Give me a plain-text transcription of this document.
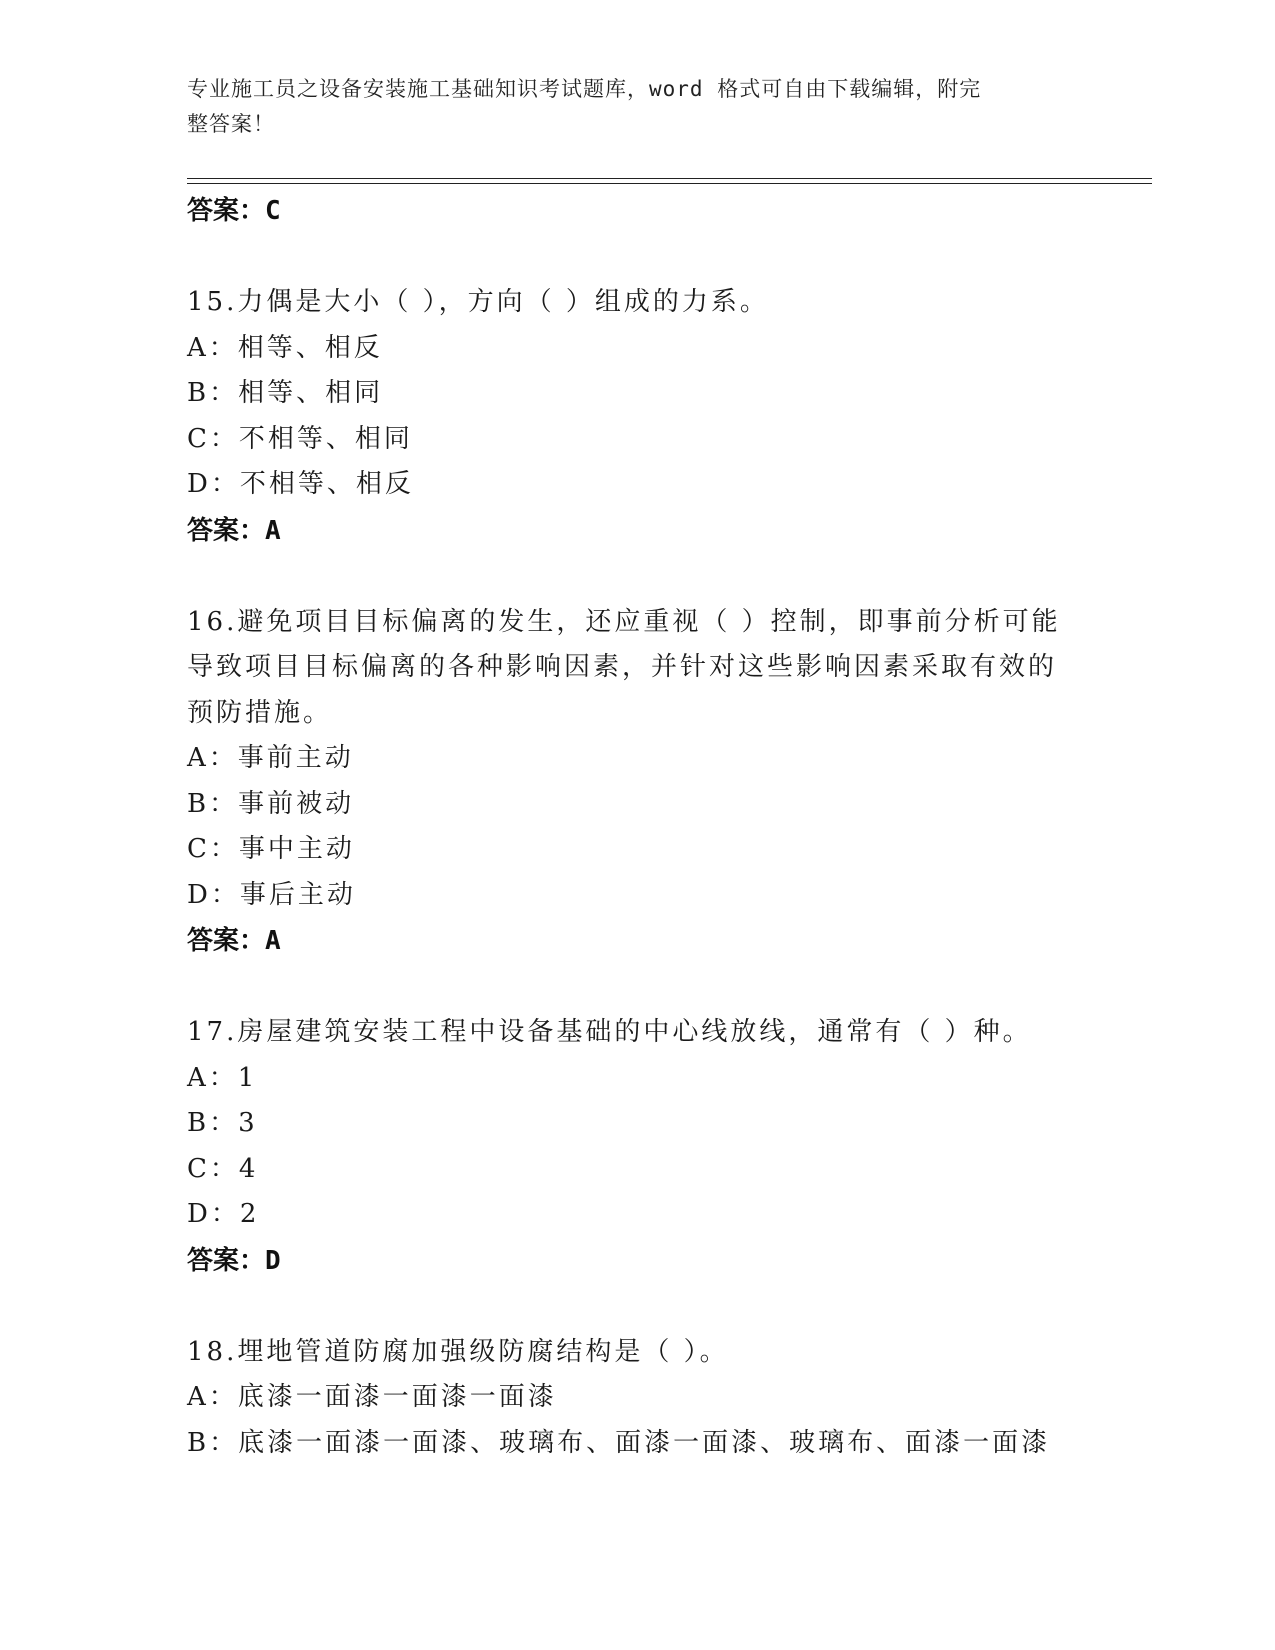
专业施工员之设备安装施工基础知识考试题库，word 格式可自由下载编辑，附完
整答案！
答案：C
15.力偶是大小（ ），方向（ ）组成的力系。
A：相等、相反
B：相等、相同
C：不相等、相同
D：不相等、相反
答案：A
16.避免项目目标偏离的发生，还应重视（ ）控制，即事前分析可能
导致项目目标偏离的各种影响因素，并针对这些影响因素采取有效的
预防措施。
A：事前主动
B：事前被动
C：事中主动
D：事后主动
答案：A
17.房屋建筑安装工程中设备基础的中心线放线，通常有（ ）种。
A：1
B：3
C：4
D：2
答案：D
18.埋地管道防腐加强级防腐结构是（ ）。
A：底漆一面漆一面漆一面漆
B：底漆一面漆一面漆、玻璃布、面漆一面漆、玻璃布、面漆一面漆
